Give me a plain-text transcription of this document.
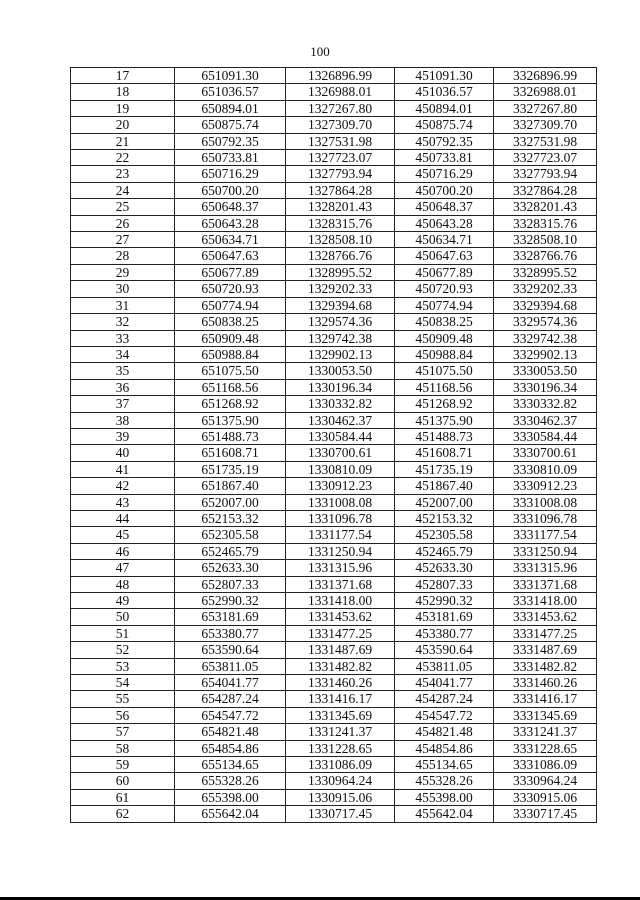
100
17	651091.30	1326896.99	451091.30	3326896.99
18	651036.57	1326988.01	451036.57	3326988.01
19	650894.01	1327267.80	450894.01	3327267.80
20	650875.74	1327309.70	450875.74	3327309.70
21	650792.35	1327531.98	450792.35	3327531.98
22	650733.81	1327723.07	450733.81	3327723.07
23	650716.29	1327793.94	450716.29	3327793.94
24	650700.20	1327864.28	450700.20	3327864.28
25	650648.37	1328201.43	450648.37	3328201.43
26	650643.28	1328315.76	450643.28	3328315.76
27	650634.71	1328508.10	450634.71	3328508.10
28	650647.63	1328766.76	450647.63	3328766.76
29	650677.89	1328995.52	450677.89	3328995.52
30	650720.93	1329202.33	450720.93	3329202.33
31	650774.94	1329394.68	450774.94	3329394.68
32	650838.25	1329574.36	450838.25	3329574.36
33	650909.48	1329742.38	450909.48	3329742.38
34	650988.84	1329902.13	450988.84	3329902.13
35	651075.50	1330053.50	451075.50	3330053.50
36	651168.56	1330196.34	451168.56	3330196.34
37	651268.92	1330332.82	451268.92	3330332.82
38	651375.90	1330462.37	451375.90	3330462.37
39	651488.73	1330584.44	451488.73	3330584.44
40	651608.71	1330700.61	451608.71	3330700.61
41	651735.19	1330810.09	451735.19	3330810.09
42	651867.40	1330912.23	451867.40	3330912.23
43	652007.00	1331008.08	452007.00	3331008.08
44	652153.32	1331096.78	452153.32	3331096.78
45	652305.58	1331177.54	452305.58	3331177.54
46	652465.79	1331250.94	452465.79	3331250.94
47	652633.30	1331315.96	452633.30	3331315.96
48	652807.33	1331371.68	452807.33	3331371.68
49	652990.32	1331418.00	452990.32	3331418.00
50	653181.69	1331453.62	453181.69	3331453.62
51	653380.77	1331477.25	453380.77	3331477.25
52	653590.64	1331487.69	453590.64	3331487.69
53	653811.05	1331482.82	453811.05	3331482.82
54	654041.77	1331460.26	454041.77	3331460.26
55	654287.24	1331416.17	454287.24	3331416.17
56	654547.72	1331345.69	454547.72	3331345.69
57	654821.48	1331241.37	454821.48	3331241.37
58	654854.86	1331228.65	454854.86	3331228.65
59	655134.65	1331086.09	455134.65	3331086.09
60	655328.26	1330964.24	455328.26	3330964.24
61	655398.00	1330915.06	455398.00	3330915.06
62	655642.04	1330717.45	455642.04	3330717.45
